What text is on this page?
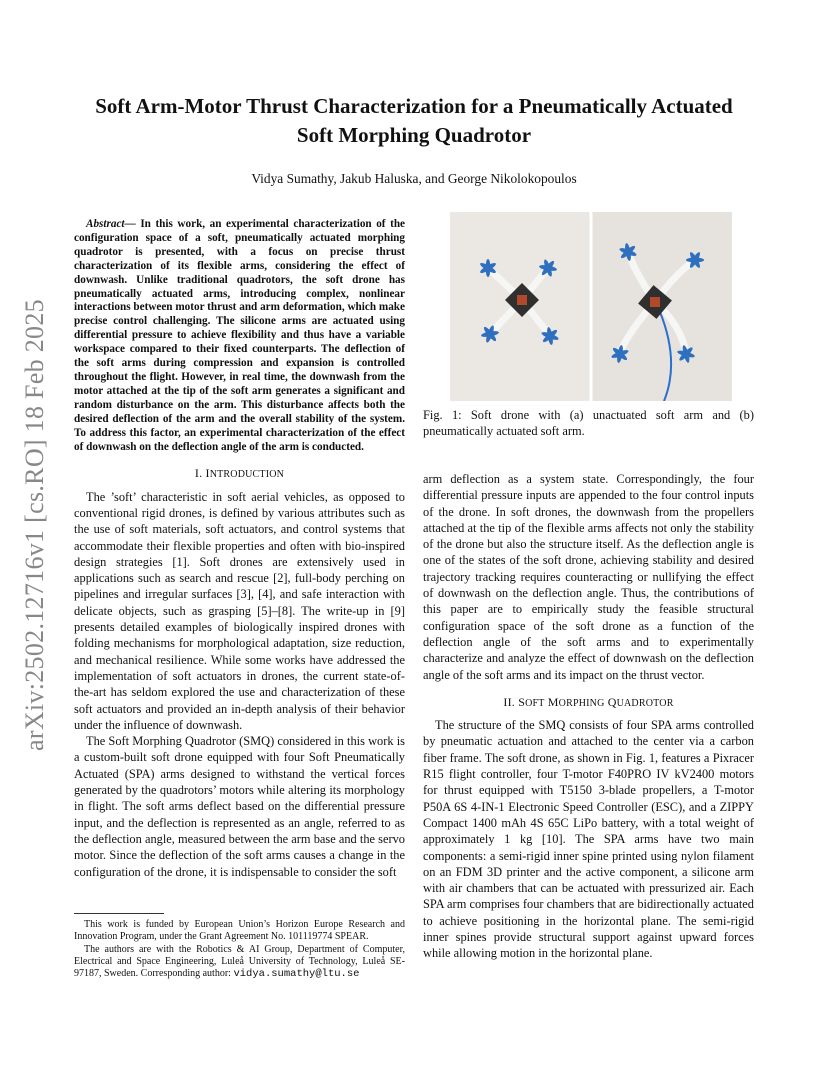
arXiv:2502.12716v1 [cs.RO] 18 Feb 2025
Soft Arm-Motor Thrust Characterization for a Pneumatically Actuated
Soft Morphing Quadrotor
Vidya Sumathy, Jakub Haluska, and George Nikolokopoulos

Abstract— In this work, an experimental characterization of the configuration space of a soft, pneumatically actuated morphing quadrotor is presented, with a focus on precise thrust characterization of its flexible arms, considering the effect of downwash. Unlike traditional quadrotors, the soft drone has pneumatically actuated arms, introducing complex, nonlinear interactions between motor thrust and arm deformation, which make precise control challenging. The silicone arms are actuated using differential pressure to achieve flexibility and thus have a variable workspace compared to their fixed counterparts. The deflection of the soft arms during compression and expansion is controlled throughout the flight. However, in real time, the downwash from the motor attached at the tip of the soft arm generates a significant and random disturbance on the arm. This disturbance affects both the desired deflection of the arm and the overall stability of the system. To address this factor, an experimental characterization of the effect of downwash on the deflection angle of the arm is conducted.

I. INTRODUCTION

The ’soft’ characteristic in soft aerial vehicles, as opposed to conventional rigid drones, is defined by various attributes such as the use of soft materials, soft actuators, and control systems that accommodate their flexible properties and often with bio-inspired design strategies [1]. Soft drones are extensively used in applications such as search and rescue [2], full-body perching on pipelines and irregular surfaces [3], [4], and safe interaction with delicate objects, such as grasping [5]–[8]. The write-up in [9] presents detailed examples of biologically inspired drones with folding mechanisms for morphological adaptation, size reduction, and mechanical resilience. While some works have addressed the implementation of soft actuators in drones, the current state-of-the-art has seldom explored the use and characterization of these soft actuators and provided an in-depth analysis of their behavior under the influence of downwash.

The Soft Morphing Quadrotor (SMQ) considered in this work is a custom-built soft drone equipped with four Soft Pneumatically Actuated (SPA) arms designed to withstand the vertical forces generated by the quadrotors’ motors while altering its morphology in flight. The soft arms deflect based on the differential pressure input, and the deflection is represented as an angle, referred to as the deflection angle, measured between the arm base and the servo motor. Since the deflection of the soft arms causes a change in the configuration of the drone, it is indispensable to consider the soft

This work is funded by European Union’s Horizon Europe Research and Innovation Program, under the Grant Agreement No. 101119774 SPEAR.

The authors are with the Robotics & AI Group, Department of Computer, Electrical and Space Engineering, Luleå University of Technology, Luleå SE-97187, Sweden. Corresponding author: vidya.sumathy@ltu.se

Fig. 1: Soft drone with (a) unactuated soft arm and (b) pneumatically actuated soft arm.

arm deflection as a system state. Correspondingly, the four differential pressure inputs are appended to the four control inputs of the drone. In soft drones, the downwash from the propellers attached at the tip of the flexible arms affects not only the stability of the drone but also the structure itself. As the deflection angle is one of the states of the soft drone, achieving stability and desired trajectory tracking requires counteracting or nullifying the effect of downwash on the deflection angle. Thus, the contributions of this paper are to empirically study the feasible structural configuration space of the soft drone as a function of the deflection angle of the soft arms and to experimentally characterize and analyze the effect of downwash on the deflection angle of the soft arms and its impact on the thrust vector.

II. SOFT MORPHING QUADROTOR

The structure of the SMQ consists of four SPA arms controlled by pneumatic actuation and attached to the center via a carbon fiber frame. The soft drone, as shown in Fig. 1, features a Pixracer R15 flight controller, four T-motor F40PRO IV kV2400 motors for thrust equipped with T5150 3-blade propellers, a T-motor P50A 6S 4-IN-1 Electronic Speed Controller (ESC), and a ZIPPY Compact 1400 mAh 4S 65C LiPo battery, with a total weight of approximately 1 kg [10]. The SPA arms have two main components: a semi-rigid inner spine printed using nylon filament on an FDM 3D printer and the active component, a silicone arm with air chambers that can be actuated with pressurized air. Each SPA arm comprises four chambers that are bidirectionally actuated to achieve positioning in the horizontal plane. The semi-rigid inner spines provide structural support against upward forces while allowing motion in the horizontal plane.
